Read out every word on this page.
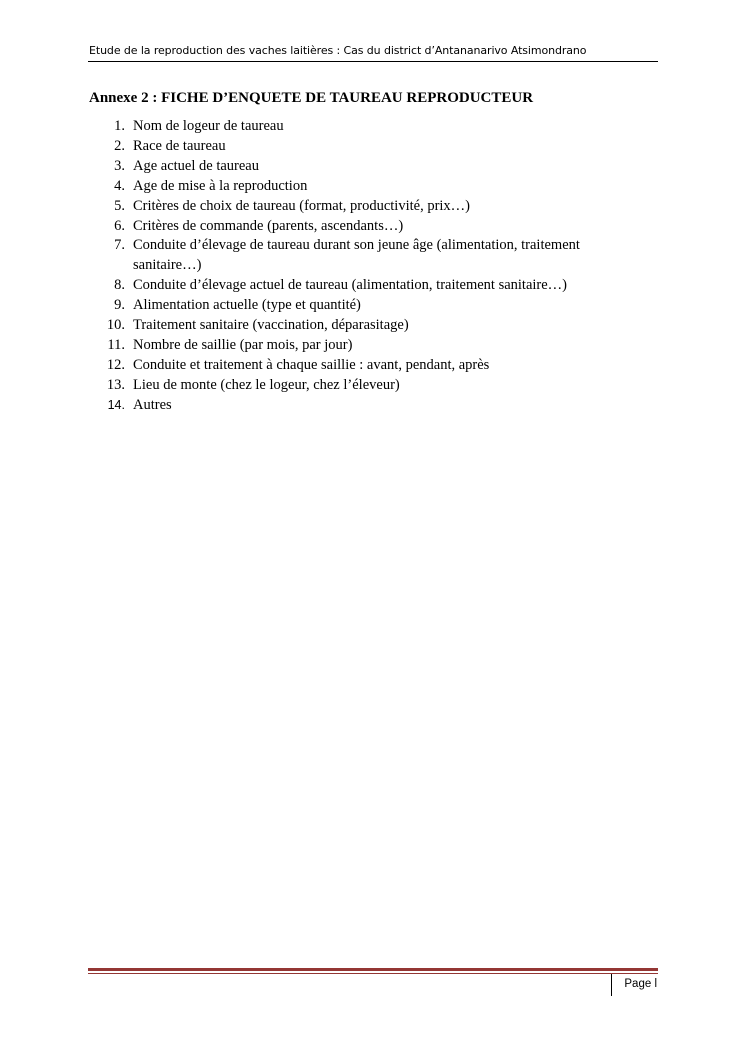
Etude de la reproduction des vaches laitières : Cas du district d’Antananarivo Atsimondrano
Annexe 2 : FICHE D’ENQUETE DE TAUREAU REPRODUCTEUR
1. Nom de logeur de taureau
2. Race de taureau
3. Age actuel de taureau
4. Age de mise à la reproduction
5. Critères de choix de taureau (format, productivité, prix…)
6. Critères de commande (parents, ascendants…)
7. Conduite d’élevage de taureau durant son jeune âge (alimentation, traitement sanitaire…)
8. Conduite d’élevage actuel de taureau (alimentation, traitement sanitaire…)
9. Alimentation actuelle (type et quantité)
10. Traitement sanitaire (vaccination, déparasitage)
11. Nombre de saillie (par mois, par jour)
12. Conduite et traitement à chaque saillie : avant, pendant, après
13. Lieu de monte (chez le logeur, chez l’éleveur)
14. Autres
Page l
